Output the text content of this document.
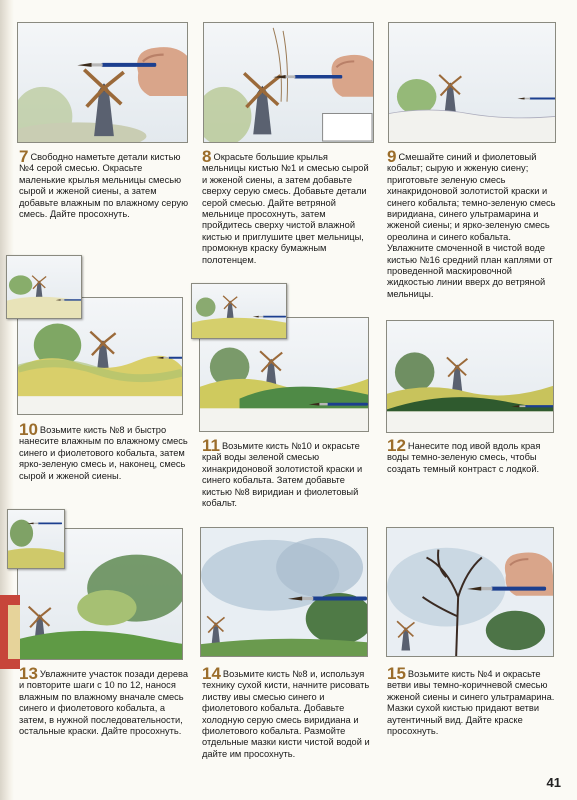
7 Свободно наметьте детали кистью №4 серой смесью. Окрасьте маленькие крылья мельницы смесью сырой и жженой сиены, а затем добавьте влажным по влажному серую смесь. Дайте просохнуть.
8 Окрасьте большие крылья мельницы кистью №1 и смесью сырой и жженой сиены, а затем добавьте сверху серую смесь. Добавьте детали серой смесью. Дайте ветряной мельнице просохнуть, затем пройдитесь сверху чистой влажной кистью и приглушите цвет мельницы, промокнув краску бумажным полотенцем.
9 Смешайте синий и фиолетовый кобальт; сырую и жженую сиену; приготовьте зеленую смесь хинакридоновой золотистой краски и синего кобальта; темно-зеленую смесь виридиана, синего ультрамарина и жженой сиены; и ярко-зеленую смесь ореолина и синего кобальта. Увлажните смоченной в чистой воде кистью №16 средний план каплями от проведенной маскировочной жидкостью линии вверх до ветряной мельницы.
10 Возьмите кисть №8 и быстро нанесите влажным по влажному смесь синего и фиолетового кобальта, затем ярко-зеленую смесь и, наконец, смесь сырой и жженой сиены.
11 Возьмите кисть №10 и окрасьте край воды зеленой смесью хинакридоновой золотистой краски и синего кобальта. Затем добавьте кистью №8 виридиан и фиолетовый кобальт.
12 Нанесите под ивой вдоль края воды темно-зеленую смесь, чтобы создать темный контраст с лодкой.
13 Увлажните участок позади дерева и повторите шаги с 10 по 12, нанося влажным по влажному вначале смесь синего и фиолетового кобальта, а затем, в нужной последовательности, остальные краски. Дайте просохнуть.
14 Возьмите кисть №8 и, используя технику сухой кисти, начните рисовать листву ивы смесью синего и фиолетового кобальта. Добавьте холодную серую смесь виридиана и фиолетового кобальта. Размойте отдельные мазки кисти чистой водой и дайте им просохнуть.
15 Возьмите кисть №4 и окрасьте ветви ивы темно-коричневой смесью жженой сиены и синего ультрамарина. Мазки сухой кистью придают ветви аутентичный вид. Дайте краске просохнуть.
41
